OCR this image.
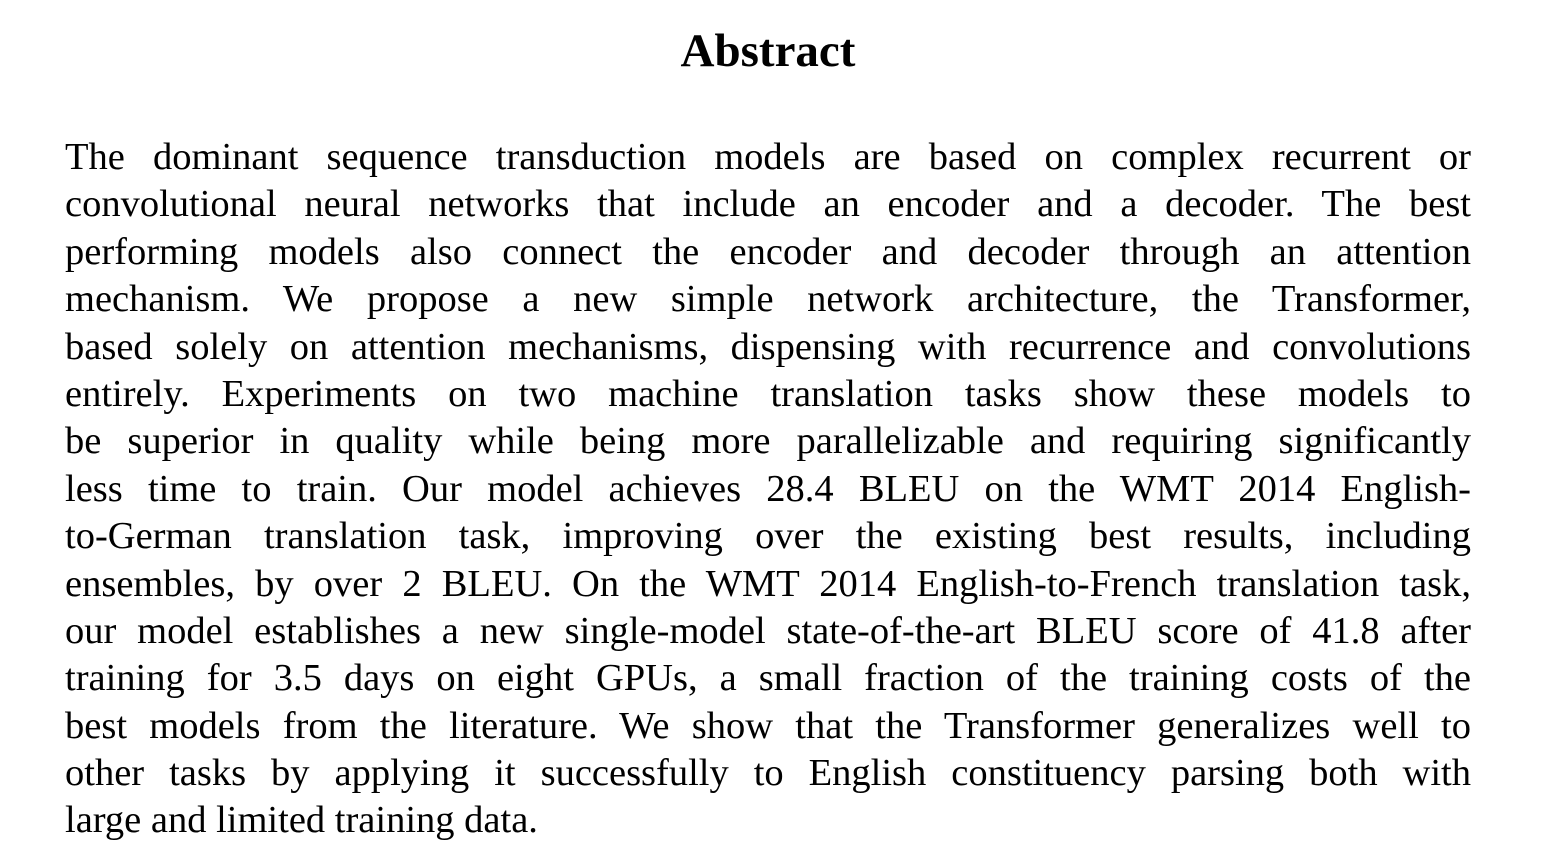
Abstract
The dominant sequence transduction models are based on complex recurrent or
convolutional neural networks that include an encoder and a decoder. The best
performing models also connect the encoder and decoder through an attention
mechanism. We propose a new simple network architecture, the Transformer,
based solely on attention mechanisms, dispensing with recurrence and convolutions
entirely. Experiments on two machine translation tasks show these models to
be superior in quality while being more parallelizable and requiring significantly
less time to train. Our model achieves 28.4 BLEU on the WMT 2014 English-
to-German translation task, improving over the existing best results, including
ensembles, by over 2 BLEU. On the WMT 2014 English-to-French translation task,
our model establishes a new single-model state-of-the-art BLEU score of 41.8 after
training for 3.5 days on eight GPUs, a small fraction of the training costs of the
best models from the literature. We show that the Transformer generalizes well to
other tasks by applying it successfully to English constituency parsing both with
large and limited training data.
